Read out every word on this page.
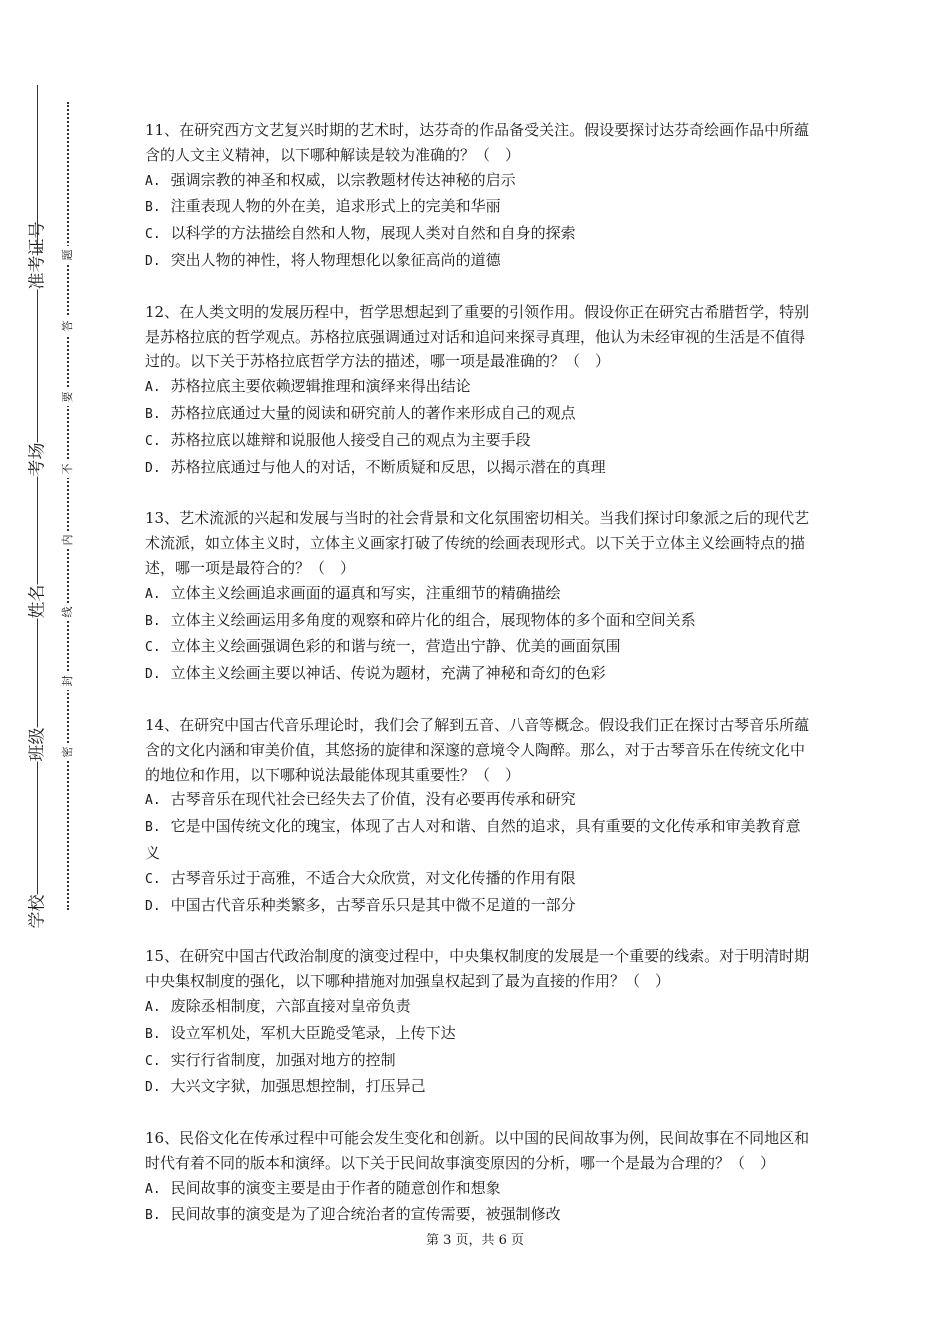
准考证号
考场
姓名
班级
学校
密
封
线
内
不
要
答
题

11、在研究西方文艺复兴时期的艺术时，达芬奇的作品备受关注。假设要探讨达芬奇绘画作品中所蕴含的人文主义精神，以下哪种解读是较为准确的？（　）

A. 强调宗教的神圣和权威，以宗教题材传达神秘的启示

B. 注重表现人物的外在美，追求形式上的完美和华丽

C. 以科学的方法描绘自然和人物，展现人类对自然和自身的探索

D. 突出人物的神性，将人物理想化以象征高尚的道德

12、在人类文明的发展历程中，哲学思想起到了重要的引领作用。假设你正在研究古希腊哲学，特别是苏格拉底的哲学观点。苏格拉底强调通过对话和追问来探寻真理，他认为未经审视的生活是不值得过的。以下关于苏格拉底哲学方法的描述，哪一项是最准确的？（　）

A. 苏格拉底主要依赖逻辑推理和演绎来得出结论

B. 苏格拉底通过大量的阅读和研究前人的著作来形成自己的观点

C. 苏格拉底以雄辩和说服他人接受自己的观点为主要手段

D. 苏格拉底通过与他人的对话，不断质疑和反思，以揭示潜在的真理

13、艺术流派的兴起和发展与当时的社会背景和文化氛围密切相关。当我们探讨印象派之后的现代艺术流派，如立体主义时，立体主义画家打破了传统的绘画表现形式。以下关于立体主义绘画特点的描述，哪一项是最符合的？（　）

A. 立体主义绘画追求画面的逼真和写实，注重细节的精确描绘

B. 立体主义绘画运用多角度的观察和碎片化的组合，展现物体的多个面和空间关系

C. 立体主义绘画强调色彩的和谐与统一，营造出宁静、优美的画面氛围

D. 立体主义绘画主要以神话、传说为题材，充满了神秘和奇幻的色彩

14、在研究中国古代音乐理论时，我们会了解到五音、八音等概念。假设我们正在探讨古琴音乐所蕴含的文化内涵和审美价值，其悠扬的旋律和深邃的意境令人陶醉。那么，对于古琴音乐在传统文化中的地位和作用，以下哪种说法最能体现其重要性？（　）

A. 古琴音乐在现代社会已经失去了价值，没有必要再传承和研究

B. 它是中国传统文化的瑰宝，体现了古人对和谐、自然的追求，具有重要的文化传承和审美教育意义

C. 古琴音乐过于高雅，不适合大众欣赏，对文化传播的作用有限

D. 中国古代音乐种类繁多，古琴音乐只是其中微不足道的一部分

15、在研究中国古代政治制度的演变过程中，中央集权制度的发展是一个重要的线索。对于明清时期中央集权制度的强化，以下哪种措施对加强皇权起到了最为直接的作用？（　）

A. 废除丞相制度，六部直接对皇帝负责

B. 设立军机处，军机大臣跪受笔录，上传下达

C. 实行行省制度，加强对地方的控制

D. 大兴文字狱，加强思想控制，打压异己

16、民俗文化在传承过程中可能会发生变化和创新。以中国的民间故事为例，民间故事在不同地区和时代有着不同的版本和演绎。以下关于民间故事演变原因的分析，哪一个是最为合理的？（　）

A. 民间故事的演变主要是由于作者的随意创作和想象

B. 民间故事的演变是为了迎合统治者的宣传需要，被强制修改

第 3 页，共 6 页
